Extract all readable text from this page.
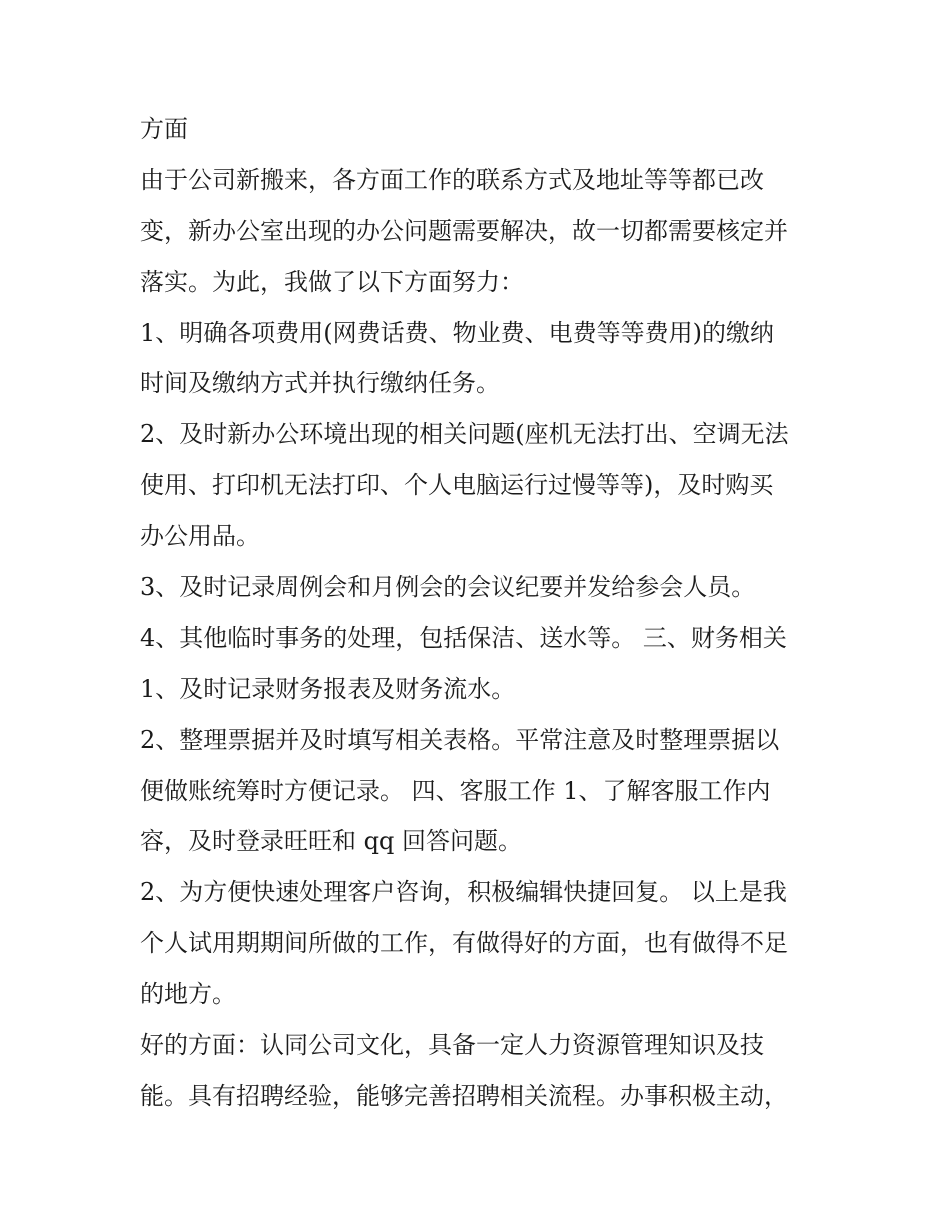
方面
由于公司新搬来，各方面工作的联系方式及地址等等都已改
变，新办公室出现的办公问题需要解决，故一切都需要核定并
落实。为此，我做了以下方面努力：
1、明确各项费用(网费话费、物业费、电费等等费用)的缴纳
时间及缴纳方式并执行缴纳任务。
2、及时新办公环境出现的相关问题(座机无法打出、空调无法
使用、打印机无法打印、个人电脑运行过慢等等)，及时购买
办公用品。
3、及时记录周例会和月例会的会议纪要并发给参会人员。
4、其他临时事务的处理，包括保洁、送水等。 三、财务相关
1、及时记录财务报表及财务流水。
2、整理票据并及时填写相关表格。平常注意及时整理票据以
便做账统筹时方便记录。 四、客服工作 1、了解客服工作内
容，及时登录旺旺和 qq 回答问题。
2、为方便快速处理客户咨询，积极编辑快捷回复。 以上是我
个人试用期期间所做的工作，有做得好的方面，也有做得不足
的地方。
好的方面：认同公司文化，具备一定人力资源管理知识及技
能。具有招聘经验，能够完善招聘相关流程。办事积极主动，
